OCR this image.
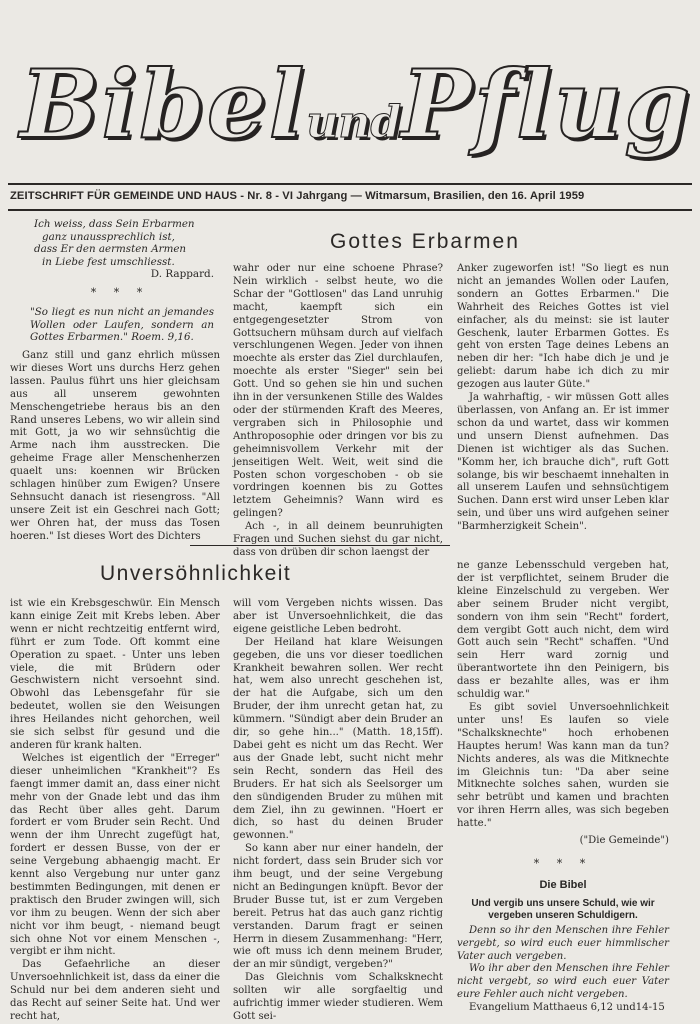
BibelundPflug
ZEITSCHRIFT FÜR GEMEINDE UND HAUS - Nr. 8 - VI Jahrgang — Witmarsum, Brasilien, den 16. April 1959
Ich weiss, dass Sein Erbarmen
ganz unaussprechlich ist,
dass Er den aermsten Armen
in Liebe fest umschliesst.
D. Rappard.
* * *

"So liegt es nun nicht an jemandes Wollen oder Laufen, sondern an Gottes Erbarmen." Roem. 9,16.

Gottes Erbarmen

Ganz still und ganz ehrlich müssen wir dieses Wort uns durchs Herz gehen lassen. Paulus führt uns hier gleichsam aus all unserem gewohnten Menschengetriebe heraus bis an den Rand unseres Lebens, wo wir allein sind mit Gott, ja wo wir sehnsüchtig die Arme nach ihm ausstrecken. Die geheime Frage aller Menschenherzen quaelt uns: koennen wir Brücken schlagen hinüber zum Ewigen? Unsere Sehnsucht danach ist riesengross. "All unsere Zeit ist ein Geschrei nach Gott; wer Ohren hat, der muss das Tosen hoeren." Ist dieses Wort des Dichters

wahr oder nur eine schoene Phrase? Nein wirklich - selbst heute, wo die Schar der "Gottlosen" das Land unruhig macht, kaempft sich ein entgegengesetzter Strom von Gottsuchern mühsam durch auf vielfach verschlungenen Wegen. Jeder von ihnen moechte als erster das Ziel durchlaufen, moechte als erster "Sieger" sein bei Gott. Und so gehen sie hin und suchen ihn in der versunkenen Stille des Waldes oder der stürmenden Kraft des Meeres, vergraben sich in Philosophie und Anthroposophie oder dringen vor bis zu geheimnisvollem Verkehr mit der jenseitigen Welt. Weit, weit sind die Posten schon vorgeschoben - ob sie vordringen koennen bis zu Gottes letztem Geheimnis? Wann wird es gelingen?

Ach -, in all deinem beunruhigten Fragen und Suchen siehst du gar nicht, dass von drüben dir schon laengst der

Anker zugeworfen ist! "So liegt es nun nicht an jemandes Wollen oder Laufen, sondern an Gottes Erbarmen." Die Wahrheit des Reiches Gottes ist viel einfacher, als du meinst: sie ist lauter Geschenk, lauter Erbarmen Gottes. Es geht von ersten Tage deines Lebens an neben dir her: "Ich habe dich je und je geliebt: darum habe ich dich zu mir gezogen aus lauter Güte."

Ja wahrhaftig, - wir müssen Gott alles überlassen, von Anfang an. Er ist immer schon da und wartet, dass wir kommen und unsern Dienst aufnehmen. Das Dienen ist wichtiger als das Suchen. "Komm her, ich brauche dich", ruft Gott solange, bis wir beschaemt innehalten in all unserem Laufen und sehnsüchtigem Suchen. Dann erst wird unser Leben klar sein, und über uns wird aufgehen seiner "Barmherzigkeit Schein".

Unversöhnlichkeit

ist wie ein Krebsgeschwür. Ein Mensch kann einige Zeit mit Krebs leben. Aber wenn er nicht rechtzeitig entfernt wird, führt er zum Tode. Oft kommt eine Operation zu spaet. - Unter uns leben viele, die mit Brüdern oder Geschwistern nicht versoehnt sind. Obwohl das Lebensgefahr für sie bedeutet, wollen sie den Weisungen ihres Heilandes nicht gehorchen, weil sie sich selbst für gesund und die anderen für krank halten.

Welches ist eigentlich der "Erreger" dieser unheimlichen "Krankheit"? Es faengt immer damit an, dass einer nicht mehr von der Gnade lebt und das ihm das Recht über alles geht. Darum fordert er vom Bruder sein Recht. Und wenn der ihm Unrecht zugefügt hat, fordert er dessen Busse, von der er seine Vergebung abhaengig macht. Er kennt also Vergebung nur unter ganz bestimmten Bedingungen, mit denen er praktisch den Bruder zwingen will, sich vor ihm zu beugen. Wenn der sich aber nicht vor ihm beugt, - niemand beugt sich ohne Not vor einem Menschen -, vergibt er ihm nicht.

Das Gefaehrliche an dieser Unversoehnlichkeit ist, dass da einer die Schuld nur bei dem anderen sieht und das Recht auf seiner Seite hat. Und wer recht hat,

will vom Vergeben nichts wissen. Das aber ist Unversoehnlichkeit, die das eigene geistliche Leben bedroht.

Der Heiland hat klare Weisungen gegeben, die uns vor dieser toedlichen Krankheit bewahren sollen. Wer recht hat, wem also unrecht geschehen ist, der hat die Aufgabe, sich um den Bruder, der ihm unrecht getan hat, zu kümmern. "Sündigt aber dein Bruder an dir, so gehe hin..." (Matth. 18,15ff). Dabei geht es nicht um das Recht. Wer aus der Gnade lebt, sucht nicht mehr sein Recht, sondern das Heil des Bruders. Er hat sich als Seelsorger um den sündigenden Bruder zu mühen mit dem Ziel, ihn zu gewinnen. "Hoert er dich, so hast du deinen Bruder gewonnen."

So kann aber nur einer handeln, der nicht fordert, dass sein Bruder sich vor ihm beugt, und der seine Vergebung nicht an Bedingungen knüpft. Bevor der Bruder Busse tut, ist er zum Vergeben bereit. Petrus hat das auch ganz richtig verstanden. Darum fragt er seinen Herrn in diesem Zusammenhang: "Herr, wie oft muss ich denn meinem Bruder, der an mir sündigt, vergeben?"

Das Gleichnis vom Schalksknecht sollten wir alle sorgfaeltig und aufrichtig immer wieder studieren. Wem Gott sei-

ne ganze Lebensschuld vergeben hat, der ist verpflichtet, seinem Bruder die kleine Einzelschuld zu vergeben. Wer aber seinem Bruder nicht vergibt, sondern von ihm sein "Recht" fordert, dem vergibt Gott auch nicht, dem wird Gott auch sein "Recht" schaffen. "Und sein Herr ward zornig und überantwortete ihn den Peinigern, bis dass er bezahlte alles, was er ihm schuldig war."

Es gibt soviel Unversoehnlichkeit unter uns! Es laufen so viele "Schalksknechte" hoch erhobenen Hauptes herum! Was kann man da tun? Nichts anderes, als was die Mitknechte im Gleichnis tun: "Da aber seine Mitknechte solches sahen, wurden sie sehr betrübt und kamen und brachten vor ihren Herrn alles, was sich begeben hatte."

("Die Gemeinde")
* * *
Die Bibel
Und vergib uns unsere Schuld, wie wir vergeben unseren Schuldigern.

Denn so ihr den Menschen ihre Fehler vergebt, so wird euch euer himmlischer Vater auch vergeben.

Wo ihr aber den Menschen ihre Fehler nicht vergebt, so wird euch euer Vater eure Fehler auch nicht vergeben.

Evangelium Matthaeus 6,12 und14-15
